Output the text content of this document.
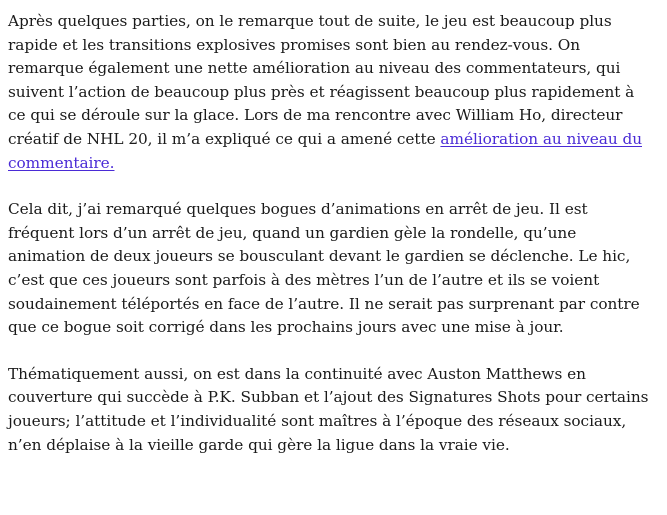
Après quelques parties, on le remarque tout de suite, le jeu est beaucoup plus rapide et les transitions explosives promises sont bien au rendez-vous. On remarque également une nette amélioration au niveau des commentateurs, qui suivent l’action de beaucoup plus près et réagissent beaucoup plus rapidement à ce qui se déroule sur la glace. Lors de ma rencontre avec William Ho, directeur créatif de NHL 20, il m’a expliqué ce qui a amené cette amélioration au niveau du commentaire.

Cela dit, j’ai remarqué quelques bogues d’animations en arrêt de jeu. Il est fréquent lors d’un arrêt de jeu, quand un gardien gèle la rondelle, qu’une animation de deux joueurs se bousculant devant le gardien se déclenche. Le hic, c’est que ces joueurs sont parfois à des mètres l’un de l’autre et ils se voient soudainement téléportés en face de l’autre. Il ne serait pas surprenant par contre que ce bogue soit corrigé dans les prochains jours avec une mise à jour.

Thématiquement aussi, on est dans la continuité avec Auston Matthews en couverture qui succède à P.K. Subban et l’ajout des Signatures Shots pour certains joueurs; l’attitude et l’individualité sont maîtres à l’époque des réseaux sociaux, n’en déplaise à la vieille garde qui gère la ligue dans la vraie vie.
